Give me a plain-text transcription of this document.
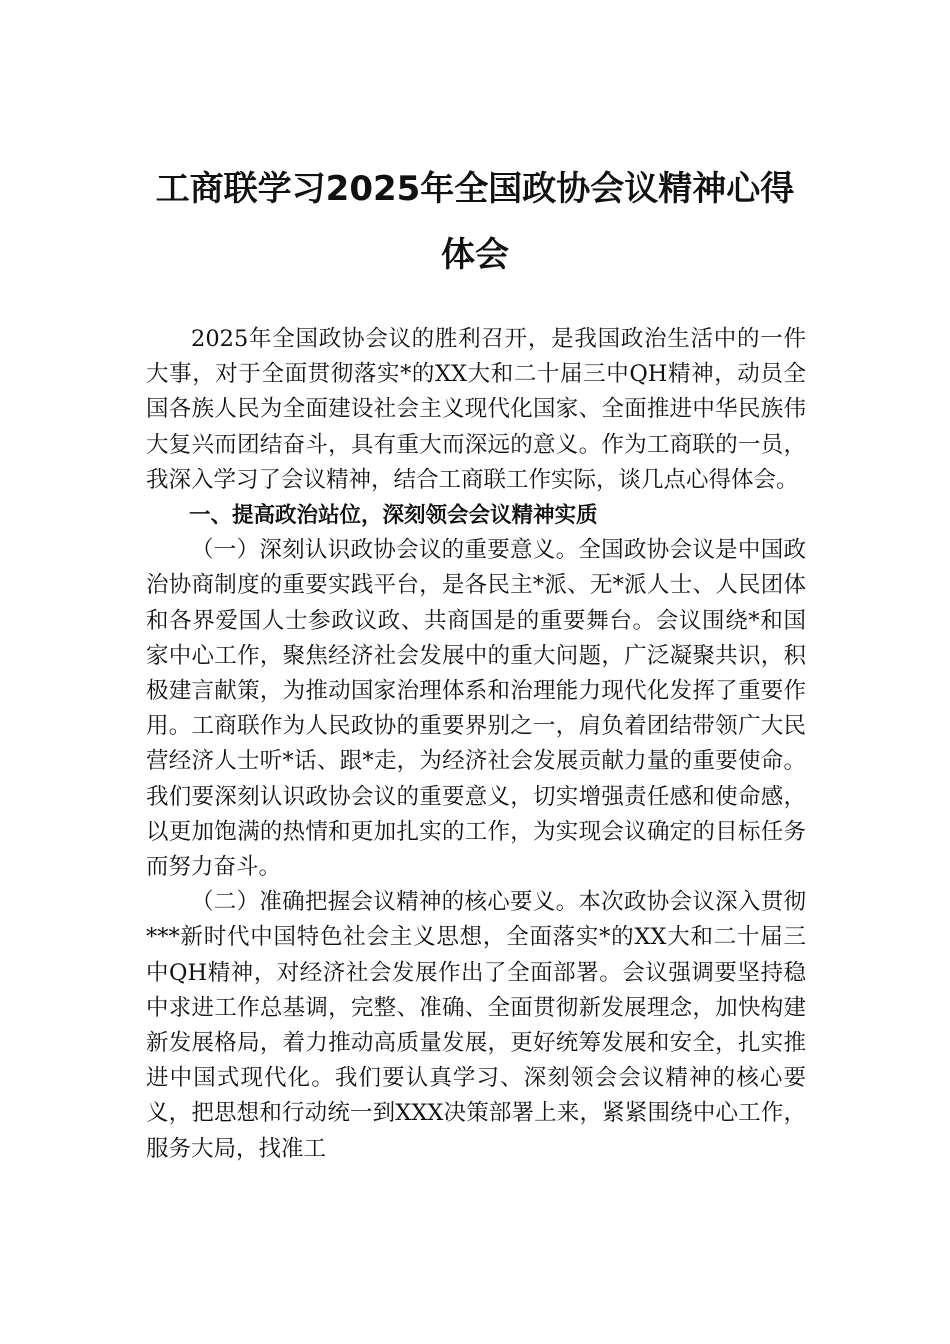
工商联学习2025年全国政协会议精神心得体会

2025年全国政协会议的胜利召开，是我国政治生活中的一件大事，对于全面贯彻落实*的XX大和二十届三中QH精神，动员全国各族人民为全面建设社会主义现代化国家、全面推进中华民族伟大复兴而团结奋斗，具有重大而深远的意义。作为工商联的一员，我深入学习了会议精神，结合工商联工作实际，谈几点心得体会。

一、提高政治站位，深刻领会会议精神实质

（一）深刻认识政协会议的重要意义。全国政协会议是中国政治协商制度的重要实践平台，是各民主*派、无*派人士、人民团体和各界爱国人士参政议政、共商国是的重要舞台。会议围绕*和国家中心工作，聚焦经济社会发展中的重大问题，广泛凝聚共识，积极建言献策，为推动国家治理体系和治理能力现代化发挥了重要作用。工商联作为人民政协的重要界别之一，肩负着团结带领广大民营经济人士听*话、跟*走，为经济社会发展贡献力量的重要使命。我们要深刻认识政协会议的重要意义，切实增强责任感和使命感，以更加饱满的热情和更加扎实的工作，为实现会议确定的目标任务而努力奋斗。

（二）准确把握会议精神的核心要义。本次政协会议深入贯彻***新时代中国特色社会主义思想，全面落实*的XX大和二十届三中QH精神，对经济社会发展作出了全面部署。会议强调要坚持稳中求进工作总基调，完整、准确、全面贯彻新发展理念，加快构建新发展格局，着力推动高质量发展，更好统筹发展和安全，扎实推进中国式现代化。我们要认真学习、深刻领会会议精神的核心要义，把思想和行动统一到XXX决策部署上来，紧紧围绕中心工作，服务大局，找准工
